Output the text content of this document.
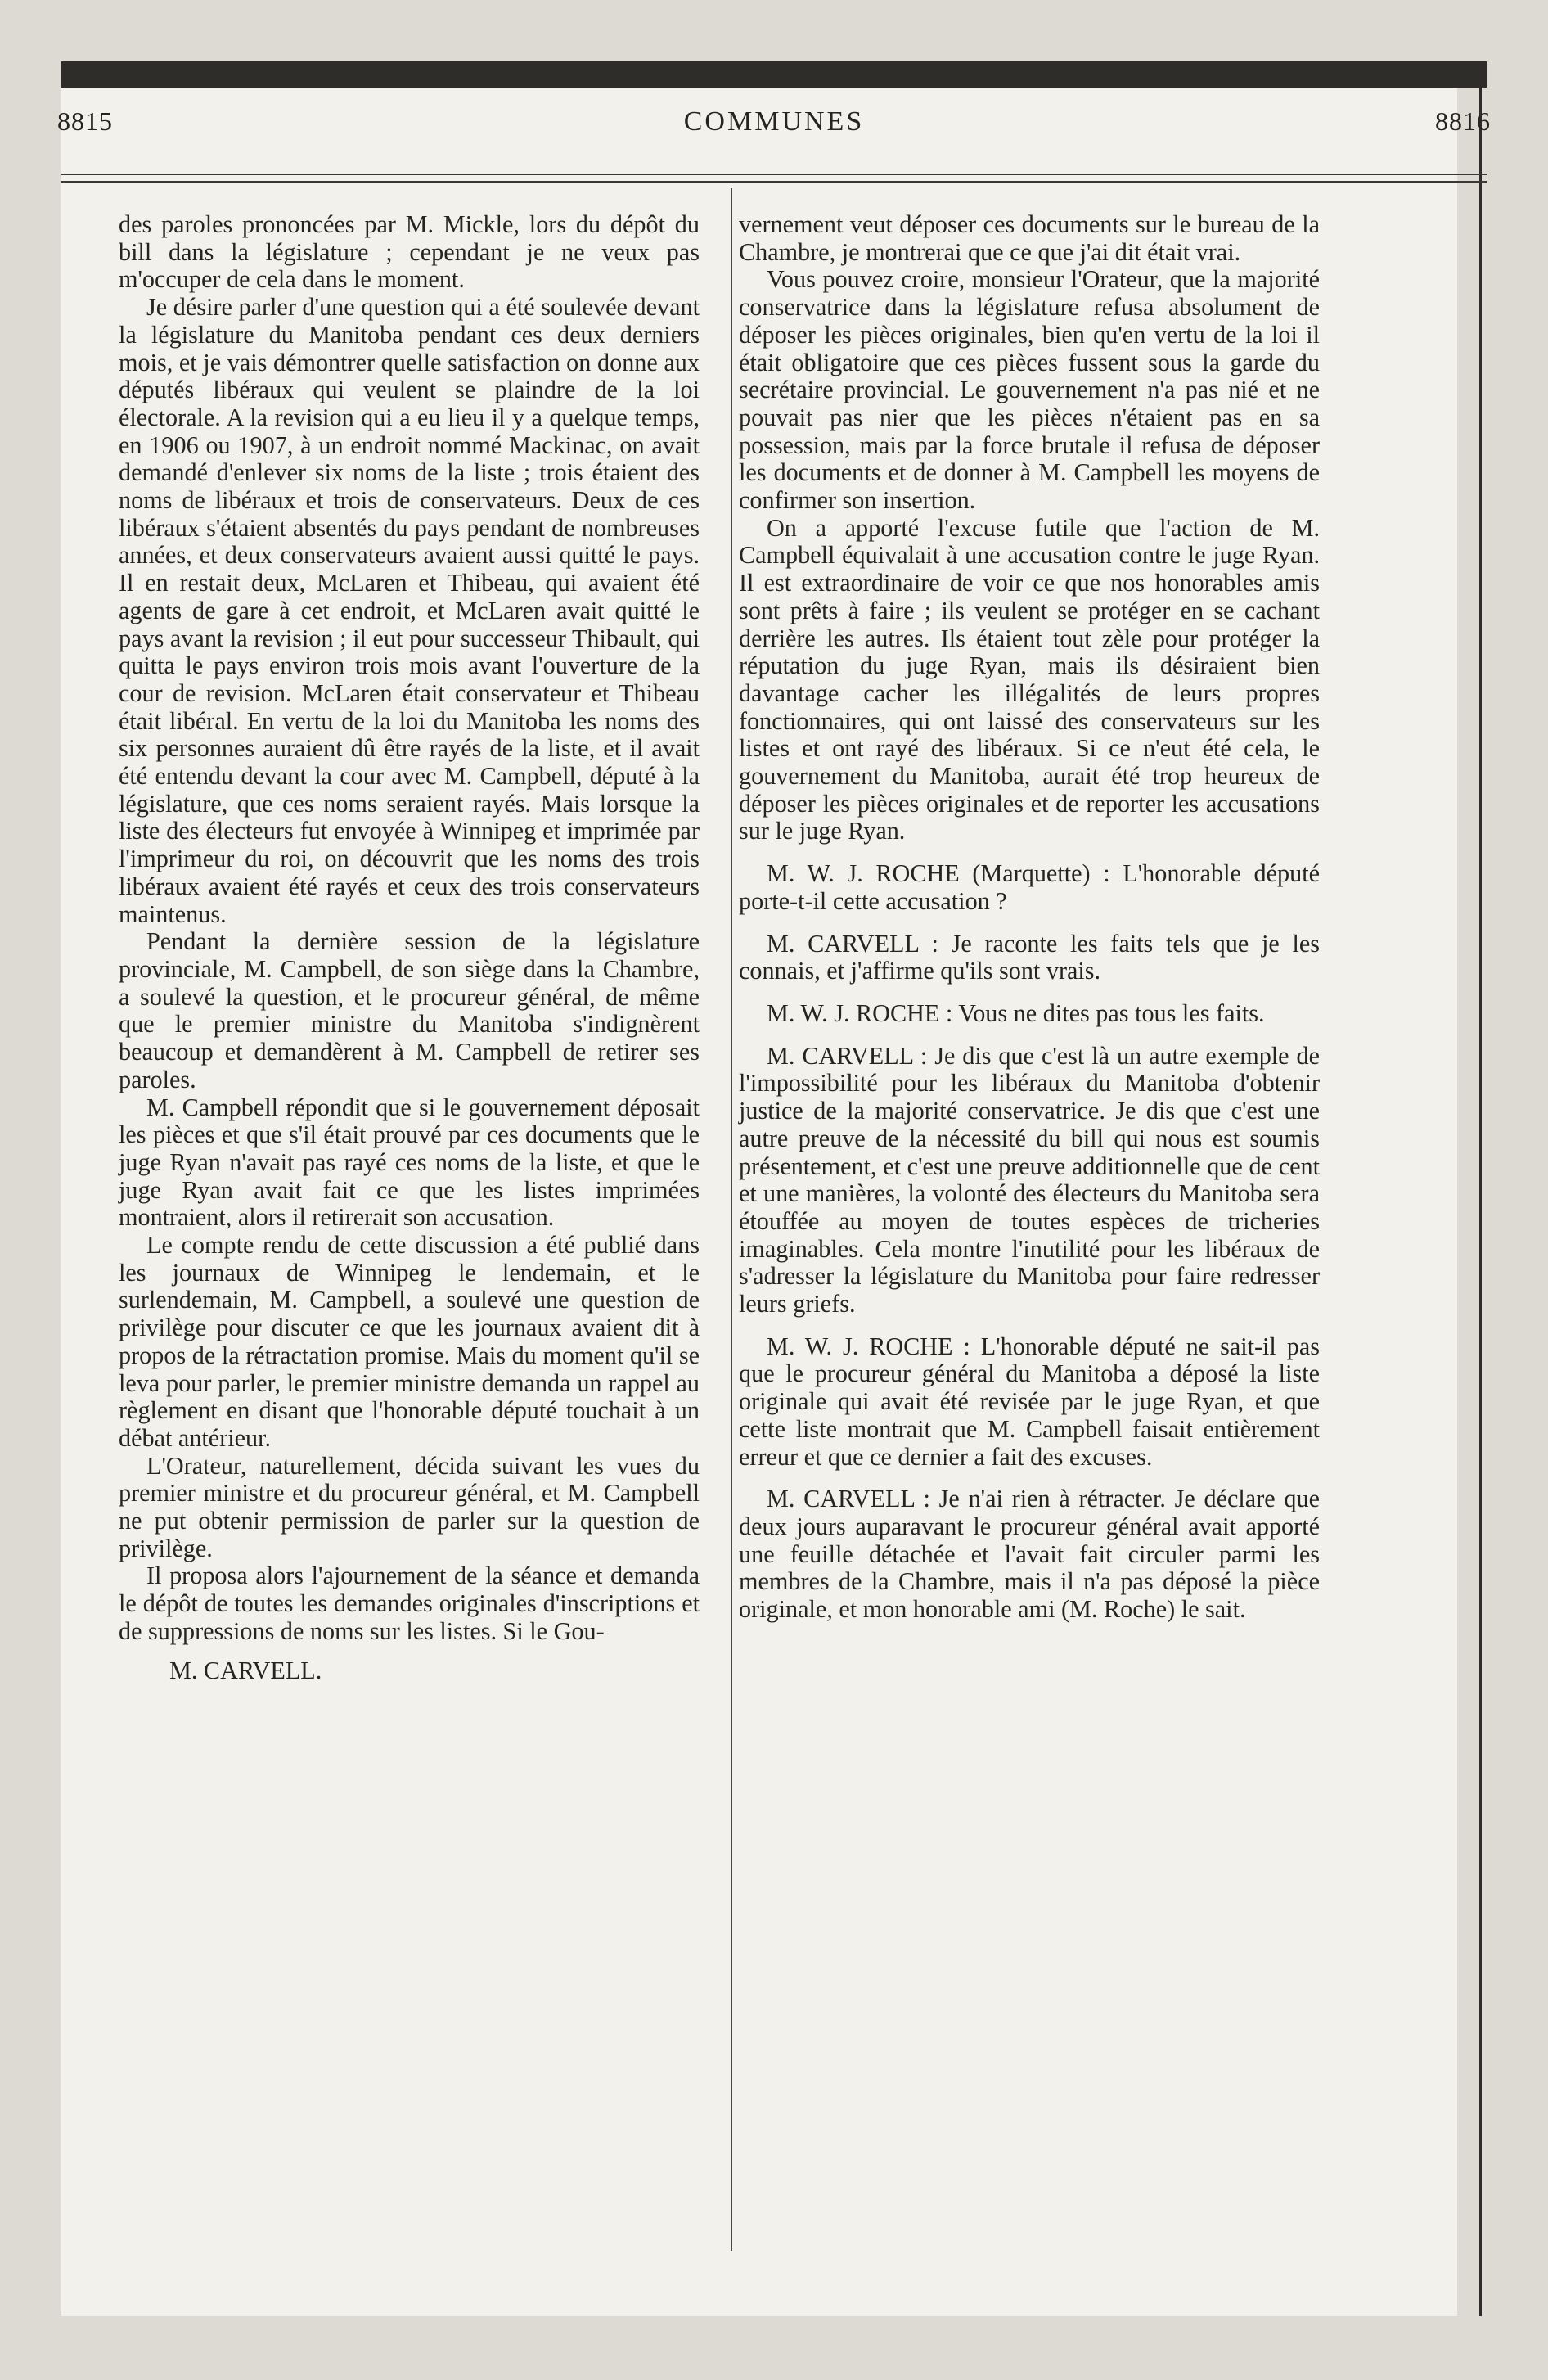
8815	COMMUNES	8816

des paroles prononcées par M. Mickle, lors du dépôt du bill dans la législature ; cependant je ne veux pas m'occuper de cela dans le moment.

Je désire parler d'une question qui a été soulevée devant la législature du Manitoba pendant ces deux derniers mois, et je vais démontrer quelle satisfaction on donne aux députés libéraux qui veulent se plaindre de la loi électorale. A la revision qui a eu lieu il y a quelque temps, en 1906 ou 1907, à un endroit nommé Mackinac, on avait demandé d'enlever six noms de la liste ; trois étaient des noms de libéraux et trois de conservateurs. Deux de ces libéraux s'étaient absentés du pays pendant de nombreuses années, et deux conservateurs avaient aussi quitté le pays. Il en restait deux, McLaren et Thibeau, qui avaient été agents de gare à cet endroit, et McLaren avait quitté le pays avant la revision ; il eut pour successeur Thibault, qui quitta le pays environ trois mois avant l'ouverture de la cour de revision. McLaren était conservateur et Thibeau était libéral. En vertu de la loi du Manitoba les noms des six personnes auraient dû être rayés de la liste, et il avait été entendu devant la cour avec M. Campbell, député à la législature, que ces noms seraient rayés. Mais lorsque la liste des électeurs fut envoyée à Winnipeg et imprimée par l'imprimeur du roi, on découvrit que les noms des trois libéraux avaient été rayés et ceux des trois conservateurs maintenus.

Pendant la dernière session de la législature provinciale, M. Campbell, de son siège dans la Chambre, a soulevé la question, et le procureur général, de même que le premier ministre du Manitoba s'indignèrent beaucoup et demandèrent à M. Campbell de retirer ses paroles.

M. Campbell répondit que si le gouvernement déposait les pièces et que s'il était prouvé par ces documents que le juge Ryan n'avait pas rayé ces noms de la liste, et que le juge Ryan avait fait ce que les listes imprimées montraient, alors il retirerait son accusation.

Le compte rendu de cette discussion a été publié dans les journaux de Winnipeg le lendemain, et le surlendemain, M. Campbell, a soulevé une question de privilège pour discuter ce que les journaux avaient dit à propos de la rétractation promise. Mais du moment qu'il se leva pour parler, le premier ministre demanda un rappel au règlement en disant que l'honorable député touchait à un débat antérieur.

L'Orateur, naturellement, décida suivant les vues du premier ministre et du procureur général, et M. Campbell ne put obtenir permission de parler sur la question de privilège.

Il proposa alors l'ajournement de la séance et demanda le dépôt de toutes les demandes originales d'inscriptions et de suppressions de noms sur les listes. Si le Gou-

M. CARVELL.

vernement veut déposer ces documents sur le bureau de la Chambre, je montrerai que ce que j'ai dit était vrai.

Vous pouvez croire, monsieur l'Orateur, que la majorité conservatrice dans la législature refusa absolument de déposer les pièces originales, bien qu'en vertu de la loi il était obligatoire que ces pièces fussent sous la garde du secrétaire provincial. Le gouvernement n'a pas nié et ne pouvait pas nier que les pièces n'étaient pas en sa possession, mais par la force brutale il refusa de déposer les documents et de donner à M. Campbell les moyens de confirmer son insertion.

On a apporté l'excuse futile que l'action de M. Campbell équivalait à une accusation contre le juge Ryan. Il est extraordinaire de voir ce que nos honorables amis sont prêts à faire ; ils veulent se protéger en se cachant derrière les autres. Ils étaient tout zèle pour protéger la réputation du juge Ryan, mais ils désiraient bien davantage cacher les illégalités de leurs propres fonctionnaires, qui ont laissé des conservateurs sur les listes et ont rayé des libéraux. Si ce n'eut été cela, le gouvernement du Manitoba, aurait été trop heureux de déposer les pièces originales et de reporter les accusations sur le juge Ryan.

M. W. J. ROCHE (Marquette) : L'honorable député porte-t-il cette accusation ?

M. CARVELL : Je raconte les faits tels que je les connais, et j'affirme qu'ils sont vrais.

M. W. J. ROCHE : Vous ne dites pas tous les faits.

M. CARVELL : Je dis que c'est là un autre exemple de l'impossibilité pour les libéraux du Manitoba d'obtenir justice de la majorité conservatrice. Je dis que c'est une autre preuve de la nécessité du bill qui nous est soumis présentement, et c'est une preuve additionnelle que de cent et une manières, la volonté des électeurs du Manitoba sera étouffée au moyen de toutes espèces de tricheries imaginables. Cela montre l'inutilité pour les libéraux de s'adresser la législature du Manitoba pour faire redresser leurs griefs.

M. W. J. ROCHE : L'honorable député ne sait-il pas que le procureur général du Manitoba a déposé la liste originale qui avait été revisée par le juge Ryan, et que cette liste montrait que M. Campbell faisait entièrement erreur et que ce dernier a fait des excuses.

M. CARVELL : Je n'ai rien à rétracter. Je déclare que deux jours auparavant le procureur général avait apporté une feuille détachée et l'avait fait circuler parmi les membres de la Chambre, mais il n'a pas déposé la pièce originale, et mon honorable ami (M. Roche) le sait.
